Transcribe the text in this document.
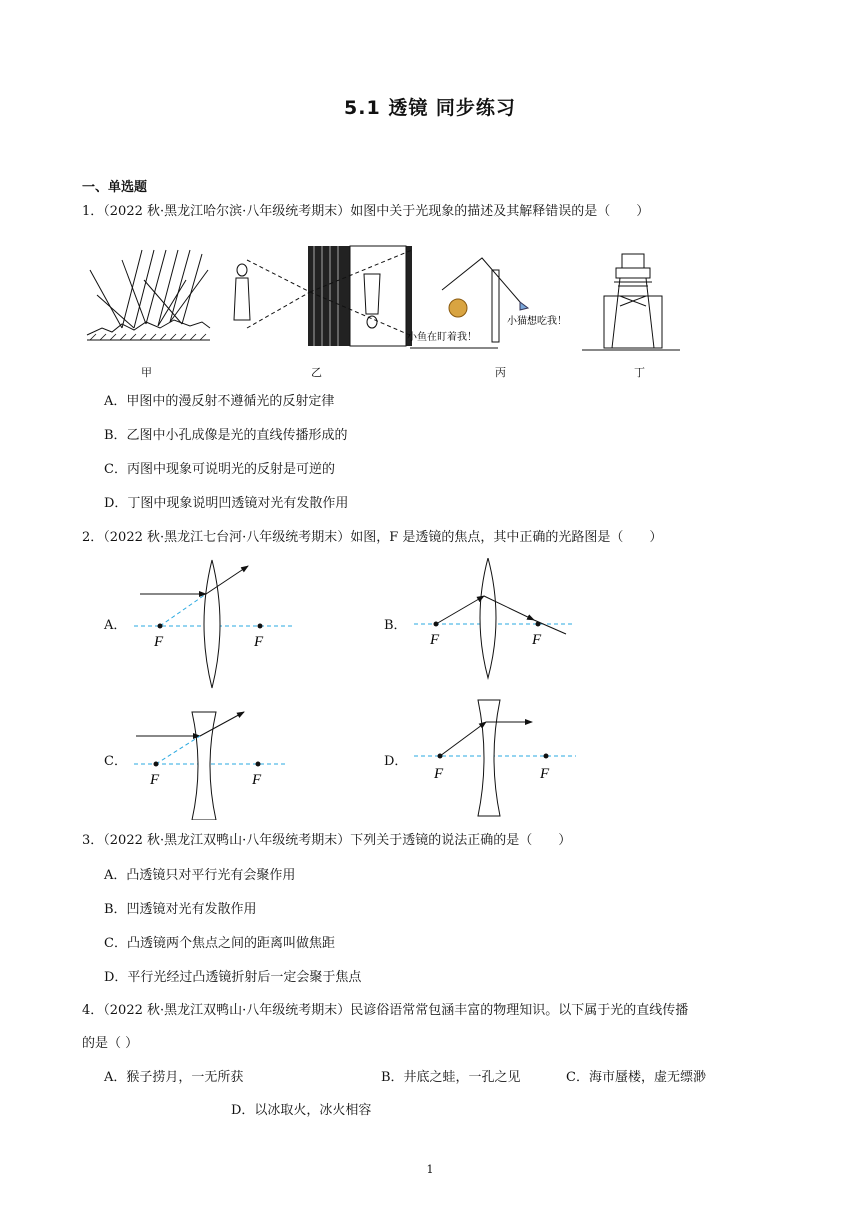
5.1 透镜 同步练习
一、单选题
1．（2022 秋·黑龙江哈尔滨·八年级统考期末）如图中关于光现象的描述及其解释错误的是（　　）
小鱼在盯着我！
小猫想吃我！
甲	乙	丙	丁
A．甲图中的漫反射不遵循光的反射定律
B．乙图中小孔成像是光的直线传播形成的
C．丙图中现象可说明光的反射是可逆的
D．丁图中现象说明凹透镜对光有发散作用
2．（2022 秋·黑龙江七台河·八年级统考期末）如图，F 是透镜的焦点，其中正确的光路图是（　　）
A．	B．
C．	D．
F	F	F	F
F	F	F	F
3．（2022 秋·黑龙江双鸭山·八年级统考期末）下列关于透镜的说法正确的是（　　）
A．凸透镜只对平行光有会聚作用
B．凹透镜对光有发散作用
C．凸透镜两个焦点之间的距离叫做焦距
D．平行光经过凸透镜折射后一定会聚于焦点
4．（2022 秋·黑龙江双鸭山·八年级统考期末）民谚俗语常常包涵丰富的物理知识。以下属于光的直线传播
的是（ ）
A．猴子捞月，一无所获	B．井底之蛙，一孔之见	C．海市蜃楼，虚无缥渺
D．以冰取火，冰火相容
1
